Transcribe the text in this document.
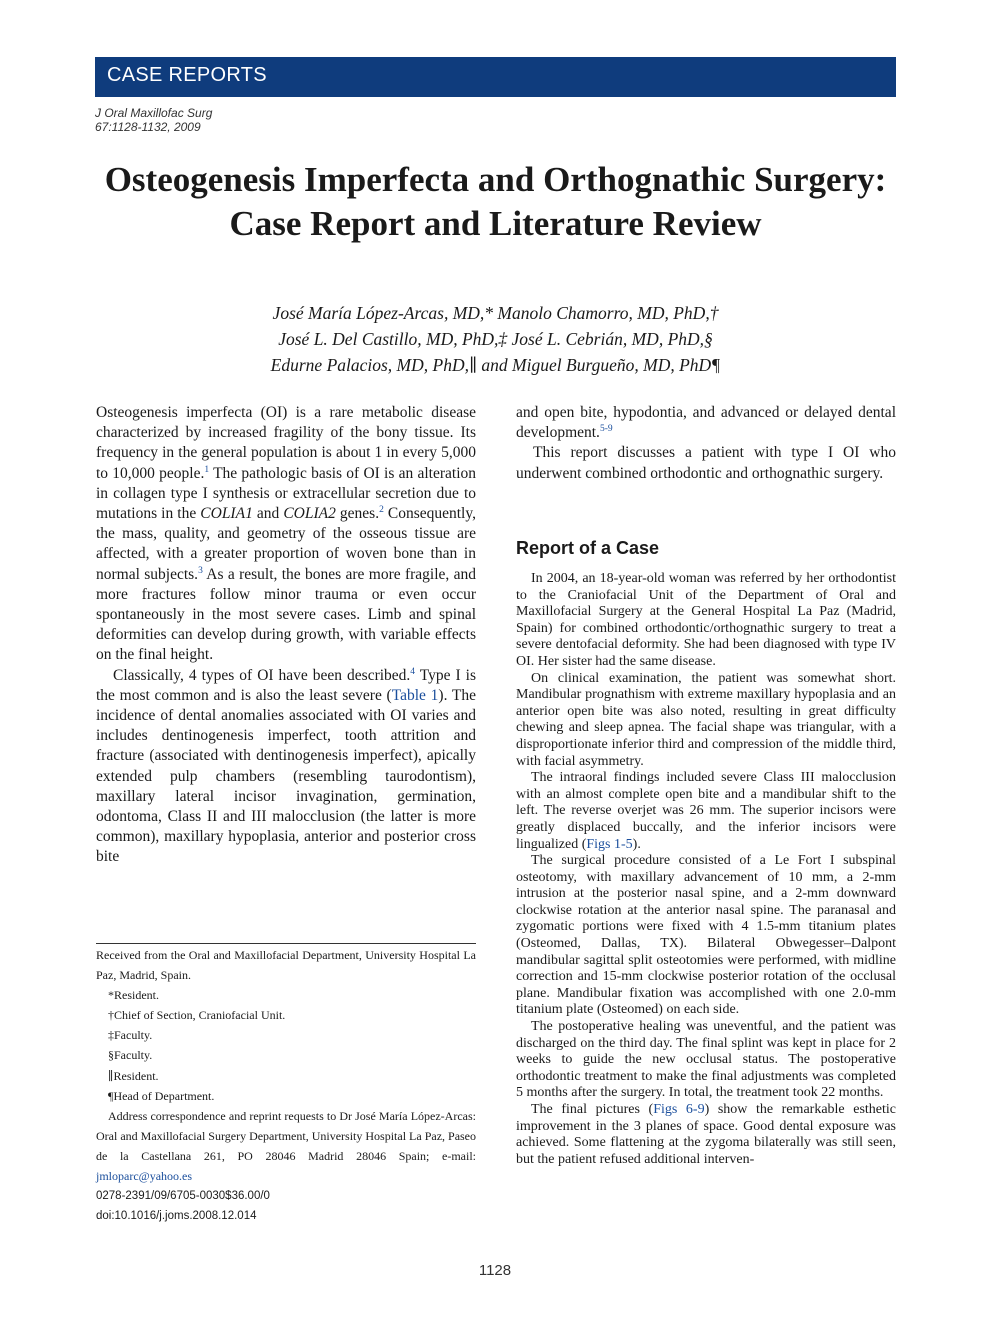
CASE REPORTS
J Oral Maxillofac Surg
67:1128-1132, 2009
Osteogenesis Imperfecta and Orthognathic Surgery: Case Report and Literature Review
José María López-Arcas, MD,* Manolo Chamorro, MD, PhD,†
José L. Del Castillo, MD, PhD,‡ José L. Cebrián, MD, PhD,§
Edurne Palacios, MD, PhD,∥ and Miguel Burgueño, MD, PhD¶

Osteogenesis imperfecta (OI) is a rare metabolic disease characterized by increased fragility of the bony tissue. Its frequency in the general population is about 1 in every 5,000 to 10,000 people.$^1$ The pathologic basis of OI is an alteration in collagen type I synthesis or extracellular secretion due to mutations in the COLIA1 and COLIA2 genes.$^2$ Consequently, the mass, quality, and geometry of the osseous tissue are affected, with a greater proportion of woven bone than in normal subjects.$^3$ As a result, the bones are more fragile, and more fractures follow minor trauma or even occur spontaneously in the most severe cases. Limb and spinal deformities can develop during growth, with variable effects on the final height.

Classically, 4 types of OI have been described.$^4$ Type I is the most common and is also the least severe (Table 1). The incidence of dental anomalies associated with OI varies and includes dentinogenesis imperfect, tooth attrition and fracture (associated with dentinogenesis imperfect), apically extended pulp chambers (resembling taurodontism), maxillary lateral incisor invagination, germination, odontoma, Class II and III malocclusion (the latter is more common), maxillary hypoplasia, anterior and posterior cross bite

and open bite, hypodontia, and advanced or delayed dental development.$^{5-9}$

This report discusses a patient with type I OI who underwent combined orthodontic and orthognathic surgery.

Report of a Case

In 2004, an 18-year-old woman was referred by her orthodontist to the Craniofacial Unit of the Department of Oral and Maxillofacial Surgery at the General Hospital La Paz (Madrid, Spain) for combined orthodontic/orthognathic surgery to treat a severe dentofacial deformity. She had been diagnosed with type IV OI. Her sister had the same disease.

On clinical examination, the patient was somewhat short. Mandibular prognathism with extreme maxillary hypoplasia and an anterior open bite was also noted, resulting in great difficulty chewing and sleep apnea. The facial shape was triangular, with a disproportionate inferior third and compression of the middle third, with facial asymmetry.

The intraoral findings included severe Class III malocclusion with an almost complete open bite and a mandibular shift to the left. The reverse overjet was 26 mm. The superior incisors were greatly displaced buccally, and the inferior incisors were lingualized (Figs 1-5).

The surgical procedure consisted of a Le Fort I subspinal osteotomy, with maxillary advancement of 10 mm, a 2-mm intrusion at the posterior nasal spine, and a 2-mm downward clockwise rotation at the anterior nasal spine. The paranasal and zygomatic portions were fixed with 4 1.5-mm titanium plates (Osteomed, Dallas, TX). Bilateral Obwegesser–Dalpont mandibular sagittal split osteotomies were performed, with midline correction and 15-mm clockwise posterior rotation of the occlusal plane. Mandibular fixation was accomplished with one 2.0-mm titanium plate (Osteomed) on each side.

The postoperative healing was uneventful, and the patient was discharged on the third day. The final splint was kept in place for 2 weeks to guide the new occlusal status. The postoperative orthodontic treatment to make the final adjustments was completed 5 months after the surgery. In total, the treatment took 22 months.

The final pictures (Figs 6-9) show the remarkable esthetic improvement in the 3 planes of space. Good dental exposure was achieved. Some flattening at the zygoma bilaterally was still seen, but the patient refused additional interven-

Received from the Oral and Maxillofacial Department, University Hospital La Paz, Madrid, Spain.
*Resident.
†Chief of Section, Craniofacial Unit.
‡Faculty.
§Faculty.
∥Resident.
¶Head of Department.
Address correspondence and reprint requests to Dr José María López-Arcas: Oral and Maxillofacial Surgery Department, University Hospital La Paz, Paseo de la Castellana 261, PO 28046 Madrid 28046 Spain; e-mail: jmloparc@yahoo.es
0278-2391/09/6705-0030$36.00/0
doi:10.1016/j.joms.2008.12.014
1128
